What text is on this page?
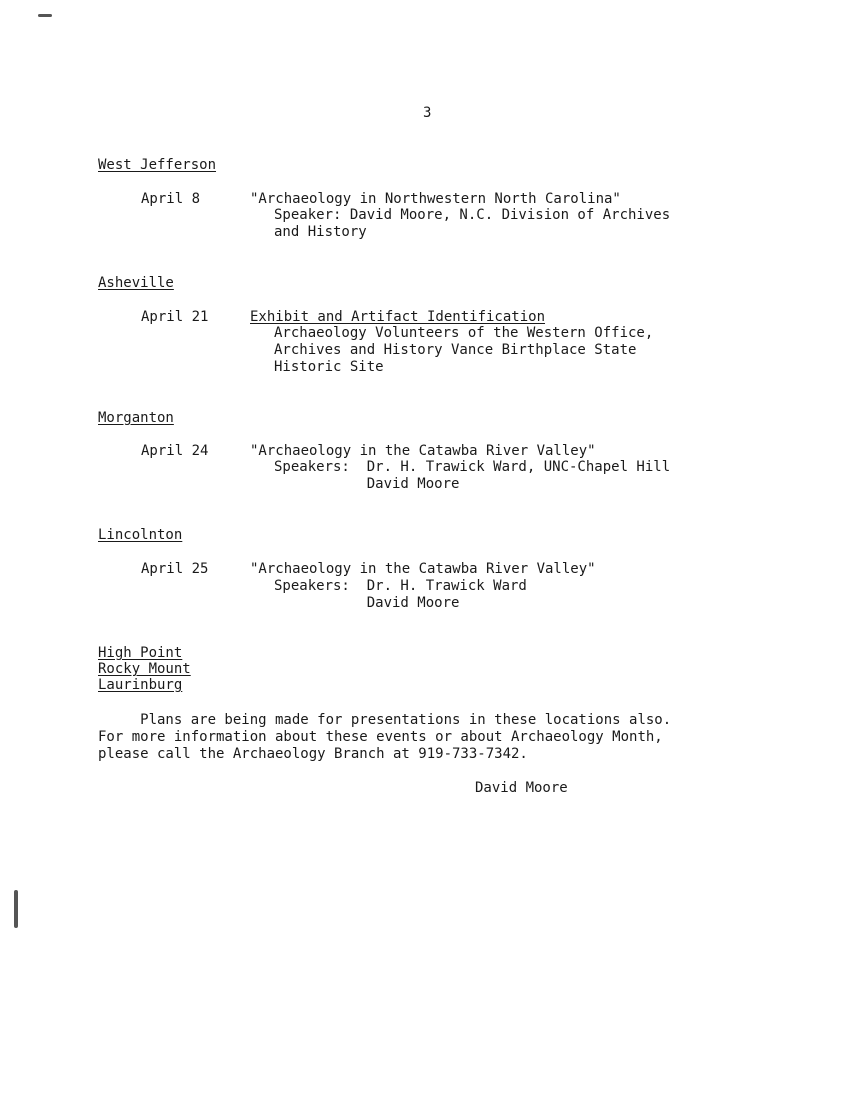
3
West Jefferson
April 8	"Archaeology in Northwestern North Carolina"
Speaker: David Moore, N.C. Division of Archives
and History
Asheville
April 21	Exhibit and Artifact Identification
Archaeology Volunteers of the Western Office,
Archives and History Vance Birthplace State
Historic Site
Morganton
April 24	"Archaeology in the Catawba River Valley"
Speakers:  Dr. H. Trawick Ward, UNC-Chapel Hill
David Moore
Lincolnton
April 25	"Archaeology in the Catawba River Valley"
Speakers:  Dr. H. Trawick Ward
David Moore
High Point
Rocky Mount
Laurinburg
Plans are being made for presentations in these locations also.
For more information about these events or about Archaeology Month,
please call the Archaeology Branch at 919-733-7342.
David Moore
